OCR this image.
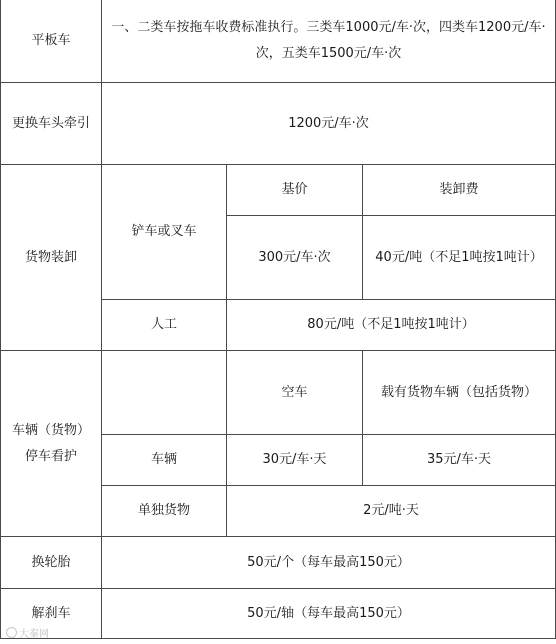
平板车	一、二类车按拖车收费标准执行。三类车1000元/车·次，四类车1200元/车·次，五类车1500元/车·次		
更换车头牵引	1200元/车·次		
货物装卸	铲车或叉车	基价	装卸费
		300元/车·次	40元/吨（不足1吨按1吨计）
	人工	80元/吨（不足1吨按1吨计）	
车辆（货物）停车看护		空车	载有货物车辆（包括货物）
	车辆	30元/车·天	35元/车·天
	单独货物	2元/吨·天	
换轮胎	50元/个（每车最高150元）		
解刹车	50元/轴（每车最高150元）		
大秦网
